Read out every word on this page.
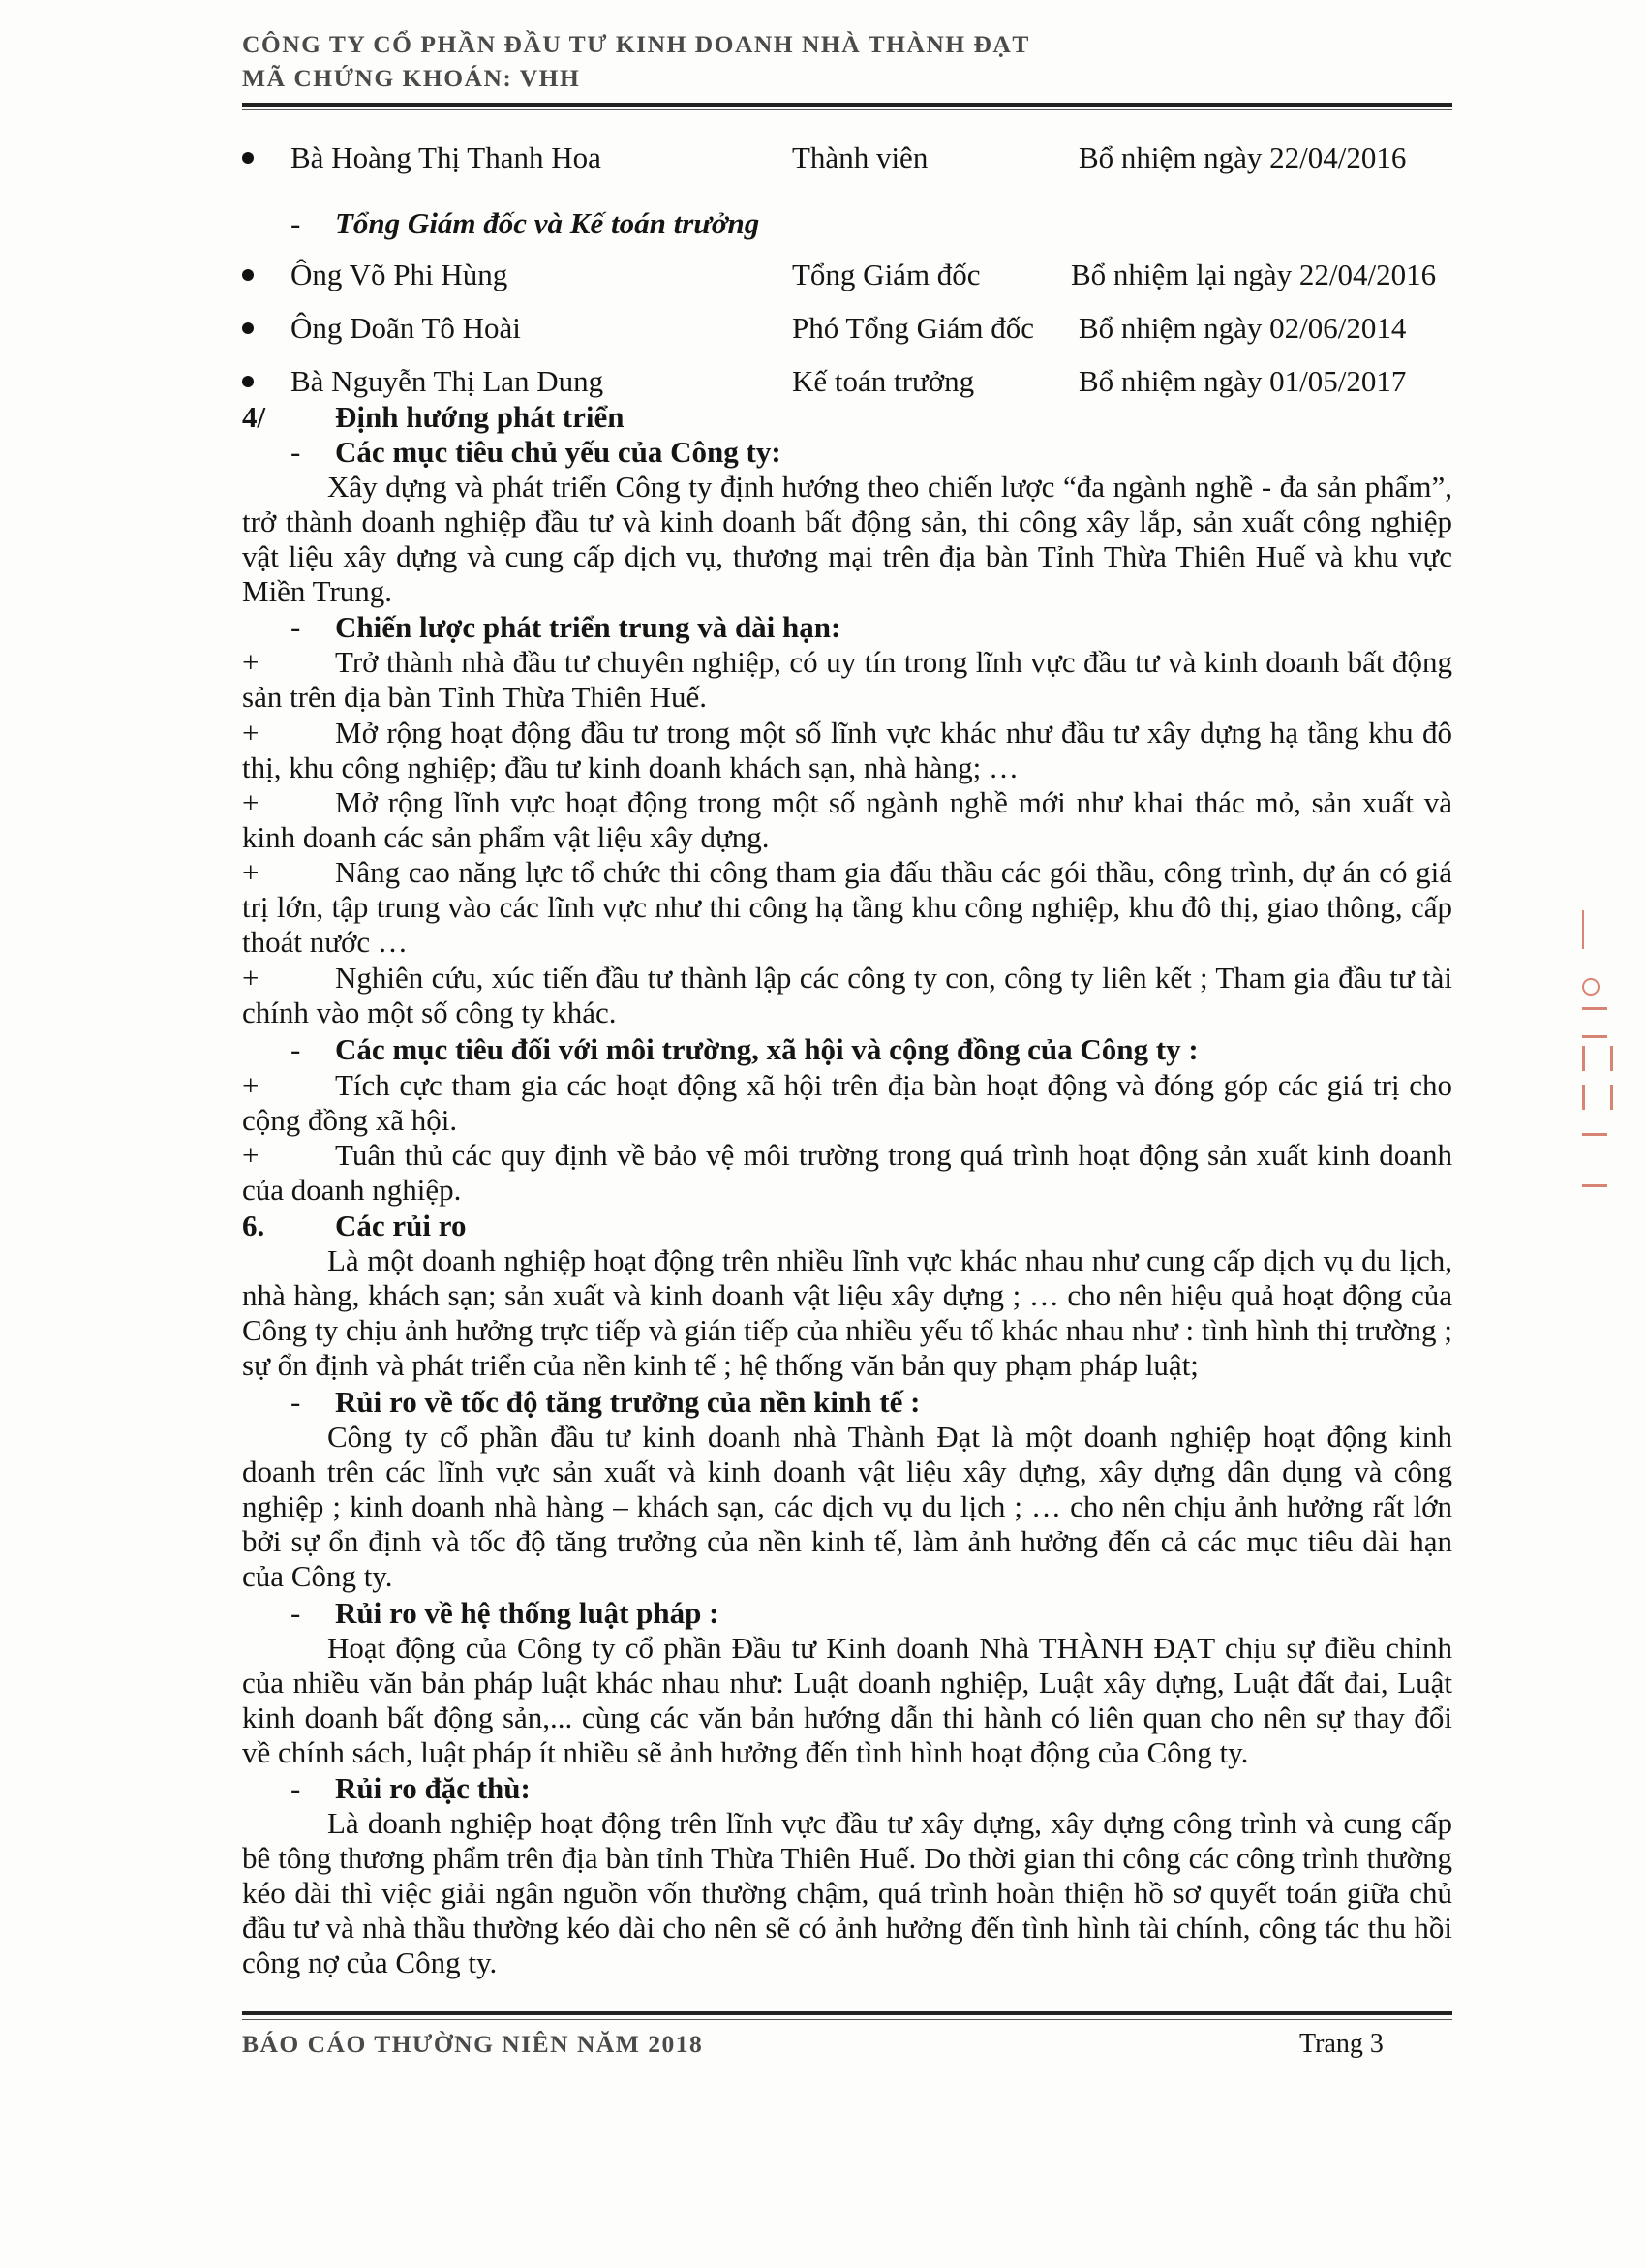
CÔNG TY CỔ PHẦN ĐẦU TƯ KINH DOANH NHÀ THÀNH ĐẠT
MÃ CHỨNG KHOÁN: VHH
Bà Hoàng Thị Thanh Hoa	Thành viên	Bổ nhiệm ngày 22/04/2016
- Tổng Giám đốc và Kế toán trưởng
Ông Võ Phi Hùng	Tổng Giám đốc	Bổ nhiệm lại ngày 22/04/2016
Ông Doãn Tô Hoài	Phó Tổng Giám đốc Bổ nhiệm ngày 02/06/2014
Bà Nguyễn Thị Lan Dung	Kế toán trưởng	Bổ nhiệm ngày 01/05/2017
4/ Định hướng phát triển
- Các mục tiêu chủ yếu của Công ty:
Xây dựng và phát triển Công ty định hướng theo chiến lược “đa ngành nghề - đa sản phẩm”, trở thành doanh nghiệp đầu tư và kinh doanh bất động sản, thi công xây lắp, sản xuất công nghiệp vật liệu xây dựng và cung cấp dịch vụ, thương mại trên địa bàn Tỉnh Thừa Thiên Huế và khu vực Miền Trung.
- Chiến lược phát triển trung và dài hạn:
+	Trở thành nhà đầu tư chuyên nghiệp, có uy tín trong lĩnh vực đầu tư và kinh doanh bất động sản trên địa bàn Tỉnh Thừa Thiên Huế.
+	Mở rộng hoạt động đầu tư trong một số lĩnh vực khác như đầu tư xây dựng hạ tầng khu đô thị, khu công nghiệp; đầu tư kinh doanh khách sạn, nhà hàng; …
+	Mở rộng lĩnh vực hoạt động trong một số ngành nghề mới như khai thác mỏ, sản xuất và kinh doanh các sản phẩm vật liệu xây dựng.
+	Nâng cao năng lực tổ chức thi công tham gia đấu thầu các gói thầu, công trình, dự án có giá trị lớn, tập trung vào các lĩnh vực như thi công hạ tầng khu công nghiệp, khu đô thị, giao thông, cấp thoát nước …
+	Nghiên cứu, xúc tiến đầu tư thành lập các công ty con, công ty liên kết ; Tham gia đầu tư tài chính vào một số công ty khác.
- Các mục tiêu đối với môi trường, xã hội và cộng đồng của Công ty :
+	Tích cực tham gia các hoạt động xã hội trên địa bàn hoạt động và đóng góp các giá trị cho cộng đồng xã hội.
+	Tuân thủ các quy định về bảo vệ môi trường trong quá trình hoạt động sản xuất kinh doanh của doanh nghiệp.
6. Các rủi ro
Là một doanh nghiệp hoạt động trên nhiều lĩnh vực khác nhau như cung cấp dịch vụ du lịch, nhà hàng, khách sạn; sản xuất và kinh doanh vật liệu xây dựng ; … cho nên hiệu quả hoạt động của Công ty chịu ảnh hưởng trực tiếp và gián tiếp của nhiều yếu tố khác nhau như : tình hình thị trường ; sự ổn định và phát triển của nền kinh tế ; hệ thống văn bản quy phạm pháp luật;
- Rủi ro về tốc độ tăng trưởng của nền kinh tế :
Công ty cổ phần đầu tư kinh doanh nhà Thành Đạt là một doanh nghiệp hoạt động kinh doanh trên các lĩnh vực sản xuất và kinh doanh vật liệu xây dựng, xây dựng dân dụng và công nghiệp ; kinh doanh nhà hàng – khách sạn, các dịch vụ du lịch ; … cho nên chịu ảnh hưởng rất lớn bởi sự ổn định và tốc độ tăng trưởng của nền kinh tế, làm ảnh hưởng đến cả các mục tiêu dài hạn của Công ty.
- Rủi ro về hệ thống luật pháp :
Hoạt động của Công ty cổ phần Đầu tư Kinh doanh Nhà THÀNH ĐẠT chịu sự điều chỉnh của nhiều văn bản pháp luật khác nhau như: Luật doanh nghiệp, Luật xây dựng, Luật đất đai, Luật kinh doanh bất động sản,... cùng các văn bản hướng dẫn thi hành có liên quan cho nên sự thay đổi về chính sách, luật pháp ít nhiều sẽ ảnh hưởng đến tình hình hoạt động của Công ty.
- Rủi ro đặc thù:
Là doanh nghiệp hoạt động trên lĩnh vực đầu tư xây dựng, xây dựng công trình và cung cấp bê tông thương phẩm trên địa bàn tỉnh Thừa Thiên Huế. Do thời gian thi công các công trình thường kéo dài thì việc giải ngân nguồn vốn thường chậm, quá trình hoàn thiện hồ sơ quyết toán giữa chủ đầu tư và nhà thầu thường kéo dài cho nên sẽ có ảnh hưởng đến tình hình tài chính, công tác thu hồi công nợ của Công ty.
BÁO CÁO THƯỜNG NIÊN NĂM 2018	Trang 3
